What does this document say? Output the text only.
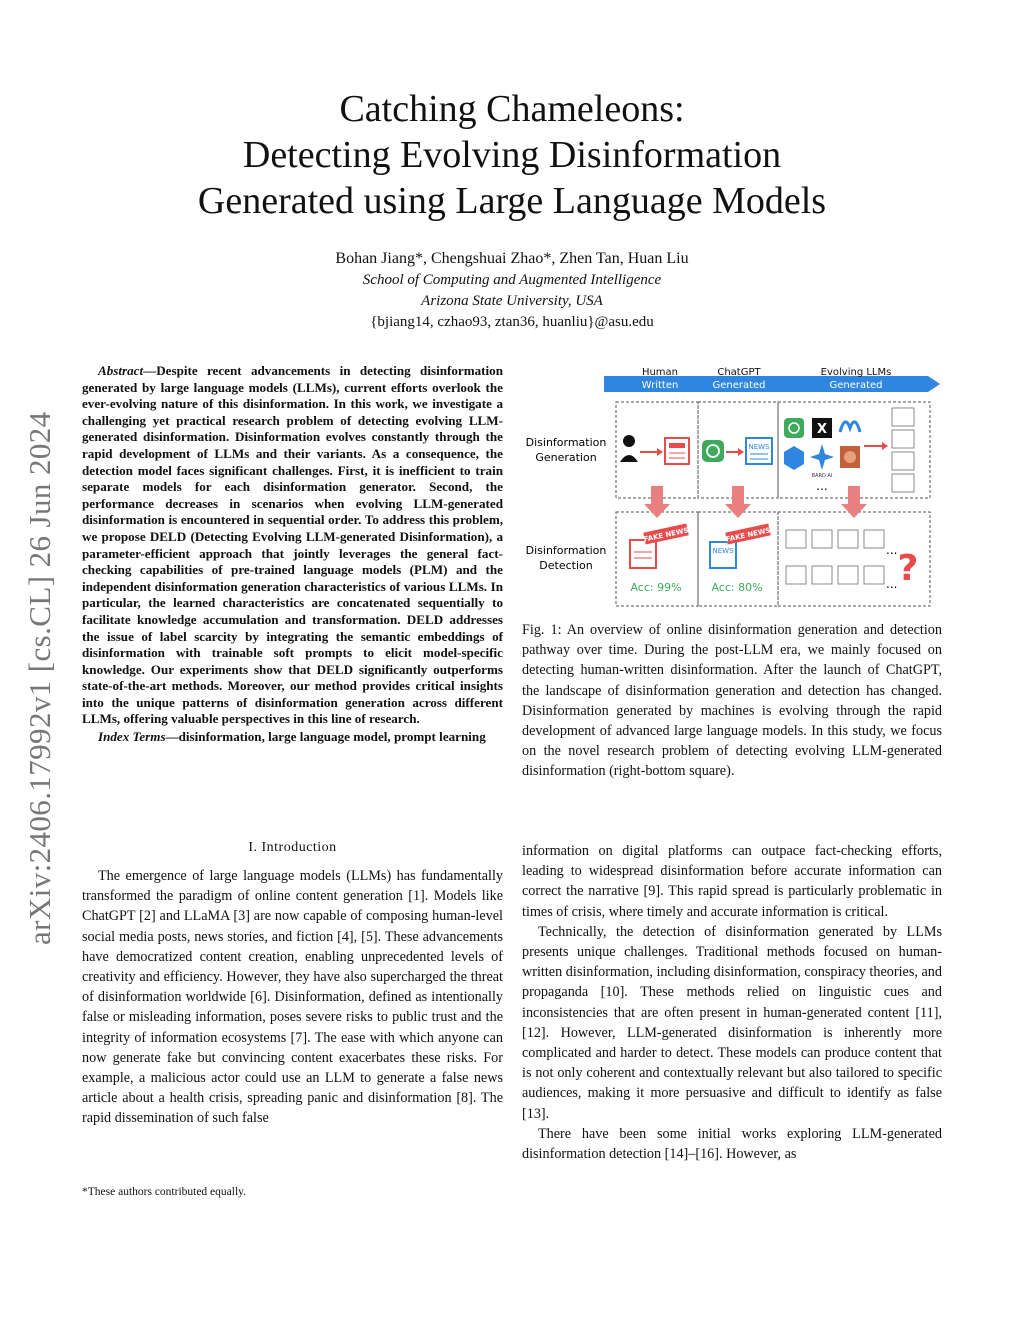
arXiv:2406.17992v1 [cs.CL] 26 Jun 2024
Catching Chameleons:
Detecting Evolving Disinformation
Generated using Large Language Models
Bohan Jiang*, Chengshuai Zhao*, Zhen Tan, Huan Liu
School of Computing and Augmented Intelligence
Arizona State University, USA
{bjiang14, czhao93, ztan36, huanliu}@asu.edu
Abstract—Despite recent advancements in detecting disinformation generated by large language models (LLMs), current efforts overlook the ever-evolving nature of this disinformation. In this work, we investigate a challenging yet practical research problem of detecting evolving LLM-generated disinformation. Disinformation evolves constantly through the rapid development of LLMs and their variants. As a consequence, the detection model faces significant challenges. First, it is inefficient to train separate models for each disinformation generator. Second, the performance decreases in scenarios when evolving LLM-generated disinformation is encountered in sequential order. To address this problem, we propose DELD (Detecting Evolving LLM-generated Disinformation), a parameter-efficient approach that jointly leverages the general fact-checking capabilities of pre-trained language models (PLM) and the independent disinformation generation characteristics of various LLMs. In particular, the learned characteristics are concatenated sequentially to facilitate knowledge accumulation and transformation. DELD addresses the issue of label scarcity by integrating the semantic embeddings of disinformation with trainable soft prompts to elicit model-specific knowledge. Our experiments show that DELD significantly outperforms state-of-the-art methods. Moreover, our method provides critical insights into the unique patterns of disinformation generation across different LLMs, offering valuable perspectives in this line of research.
Index Terms—disinformation, large language model, prompt learning
I. Introduction

The emergence of large language models (LLMs) has fundamentally transformed the paradigm of online content generation [1]. Models like ChatGPT [2] and LLaMA [3] are now capable of composing human-level social media posts, news stories, and fiction [4], [5]. These advancements have democratized content creation, enabling unprecedented levels of creativity and efficiency. However, they have also supercharged the threat of disinformation worldwide [6]. Disinformation, defined as intentionally false or misleading information, poses severe risks to public trust and the integrity of information ecosystems [7]. The ease with which anyone can now generate fake but convincing content exacerbates these risks. For example, a malicious actor could use an LLM to generate a false news article about a health crisis, spreading panic and disinformation [8]. The rapid dissemination of such false

*These authors contributed equally.
Human
Written
ChatGPT
Generated
Evolving LLMs
Generated
Disinformation
Generation
Disinformation
Detection
NEWS
X
BARD AI
...
FAKE NEWS
Acc: 99%
NEWS
FAKE NEWS
Acc: 80%
...
... ?
Fig. 1: An overview of online disinformation generation and detection pathway over time. During the post-LLM era, we mainly focused on detecting human-written disinformation. After the launch of ChatGPT, the landscape of disinformation generation and detection has changed. Disinformation generated by machines is evolving through the rapid development of advanced large language models. In this study, we focus on the novel research problem of detecting evolving LLM-generated disinformation (right-bottom square).

information on digital platforms can outpace fact-checking efforts, leading to widespread disinformation before accurate information can correct the narrative [9]. This rapid spread is particularly problematic in times of crisis, where timely and accurate information is critical.

Technically, the detection of disinformation generated by LLMs presents unique challenges. Traditional methods focused on human-written disinformation, including disinformation, conspiracy theories, and propaganda [10]. These methods relied on linguistic cues and inconsistencies that are often present in human-generated content [11], [12]. However, LLM-generated disinformation is inherently more complicated and harder to detect. These models can produce content that is not only coherent and contextually relevant but also tailored to specific audiences, making it more persuasive and difficult to identify as false [13].

There have been some initial works exploring LLM-generated disinformation detection [14]–[16]. However, as
